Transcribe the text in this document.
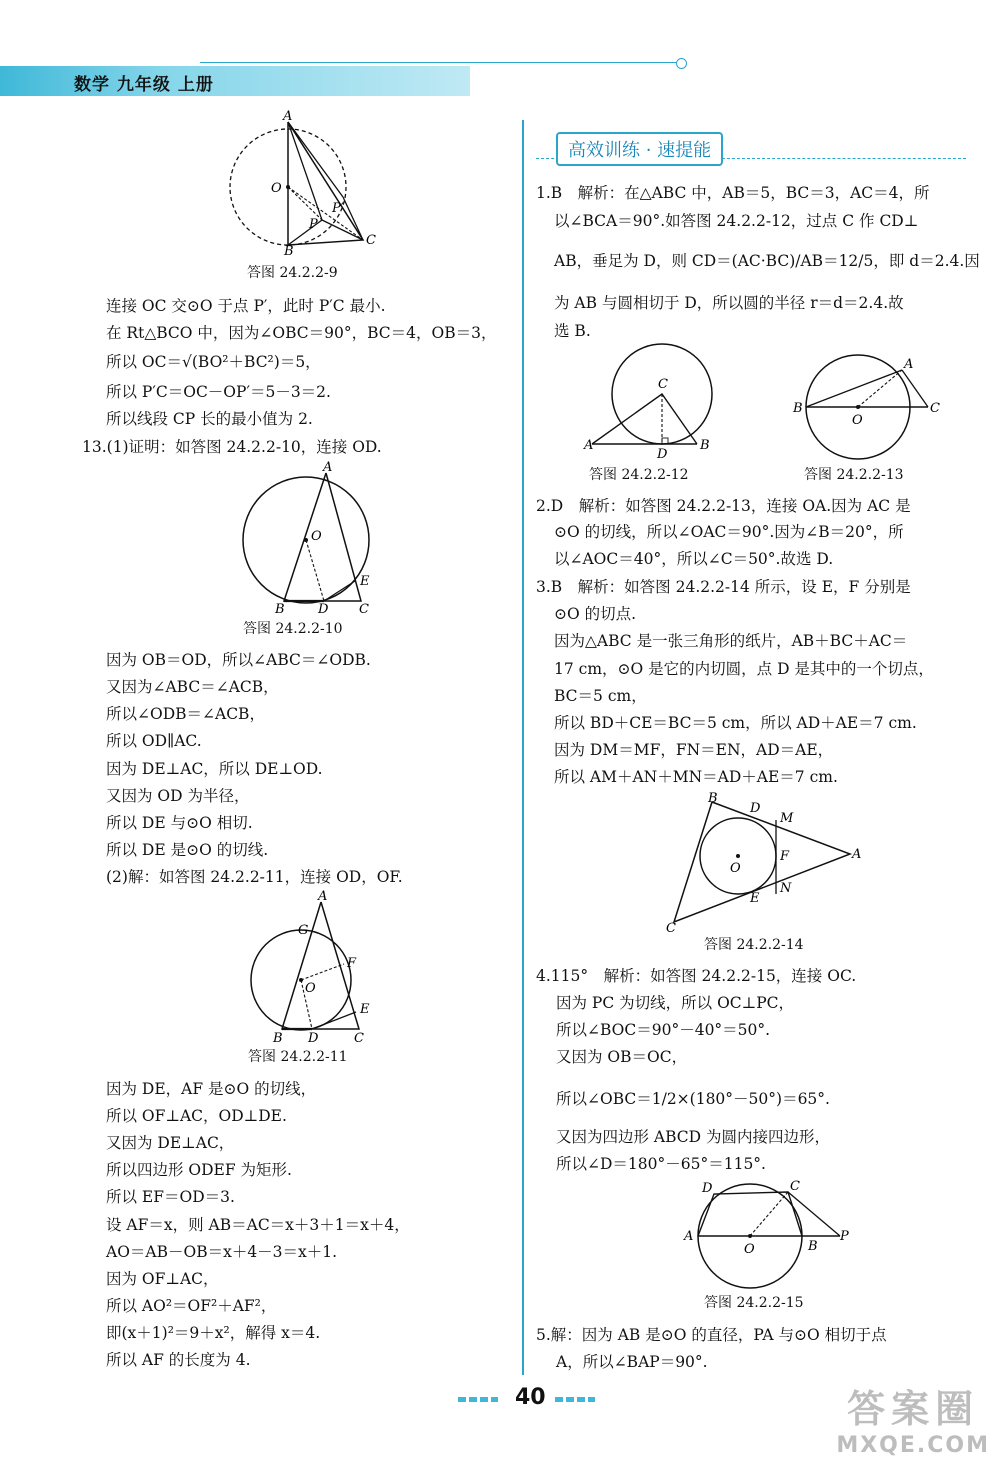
数学 九年级 上册
A
O
B
C
P
P′
答图 24.2.2-9
连接 OC 交⊙O 于点 P′，此时 P′C 最小.
在 Rt△BCO 中，因为∠OBC＝90°，BC＝4，OB＝3，
所以 OC＝√(BO²＋BC²)＝5，
所以 P′C＝OC－OP′＝5－3＝2.
所以线段 CP 长的最小值为 2.
13.(1)证明：如答图 24.2.2-10，连接 OD.
A
O
B	D C
E
答图 24.2.2-10
因为 OB＝OD，所以∠ABC＝∠ODB.
又因为∠ABC＝∠ACB，
所以∠ODB＝∠ACB，
所以 OD∥AC.
因为 DE⊥AC，所以 DE⊥OD.
又因为 OD 为半径，
所以 DE 与⊙O 相切.
所以 DE 是⊙O 的切线.
(2)解：如答图 24.2.2-11，连接 OD，OF.
A
G
F
O
E
B D	C
答图 24.2.2-11
因为 DE，AF 是⊙O 的切线，
所以 OF⊥AC，OD⊥DE.
又因为 DE⊥AC，
所以四边形 ODEF 为矩形.
所以 EF＝OD＝3.
设 AF＝x，则 AB＝AC＝x＋3＋1＝x＋4，
AO＝AB－OB＝x＋4－3＝x＋1.
因为 OF⊥AC，
所以 AO²＝OF²＋AF²，
即(x＋1)²＝9＋x²，解得 x＝4.
所以 AF 的长度为 4.
高效训练 · 速提能
1.B　解析：在△ABC 中，AB＝5，BC＝3，AC＝4，所
以∠BCA＝90°.如答图 24.2.2-12，过点 C 作 CD⊥
AB，垂足为 D，则 CD＝(AC·BC)/AB＝12/5，即 d＝2.4.因
为 AB 与圆相切于 D，所以圆的半径 r＝d＝2.4.故
选 B.
C
A	B
D
答图 24.2.2-12
A
B	C
O
答图 24.2.2-13
2.D　解析：如答图 24.2.2-13，连接 OA.因为 AC 是
⊙O 的切线，所以∠OAC＝90°.因为∠B＝20°，所
以∠AOC＝40°，所以∠C＝50°.故选 D.
3.B　解析：如答图 24.2.2-14 所示，设 E，F 分别是
⊙O 的切点.
因为△ABC 是一张三角形的纸片，AB＋BC＋AC＝
17 cm，⊙O 是它的内切圆，点 D 是其中的一个切点，
BC＝5 cm，
所以 BD＋CE＝BC＝5 cm，所以 AD＋AE＝7 cm.
因为 DM＝MF，FN＝EN，AD＝AE，
所以 AM＋AN＋MN＝AD＋AE＝7 cm.
B
D
M
F	A
O
N
E
C
答图 24.2.2-14
4.115°　解析：如答图 24.2.2-15，连接 OC.
因为 PC 为切线，所以 OC⊥PC，
所以∠BOC＝90°－40°＝50°.
又因为 OB＝OC，
所以∠OBC＝1/2×(180°－50°)＝65°.
又因为四边形 ABCD 为圆内接四边形，
所以∠D＝180°－65°＝115°.
D	C
A
O	B
P
答图 24.2.2-15
5.解：因为 AB 是⊙O 的直径，PA 与⊙O 相切于点
A，所以∠BAP＝90°.
40	答案圈
MXQE.COM
